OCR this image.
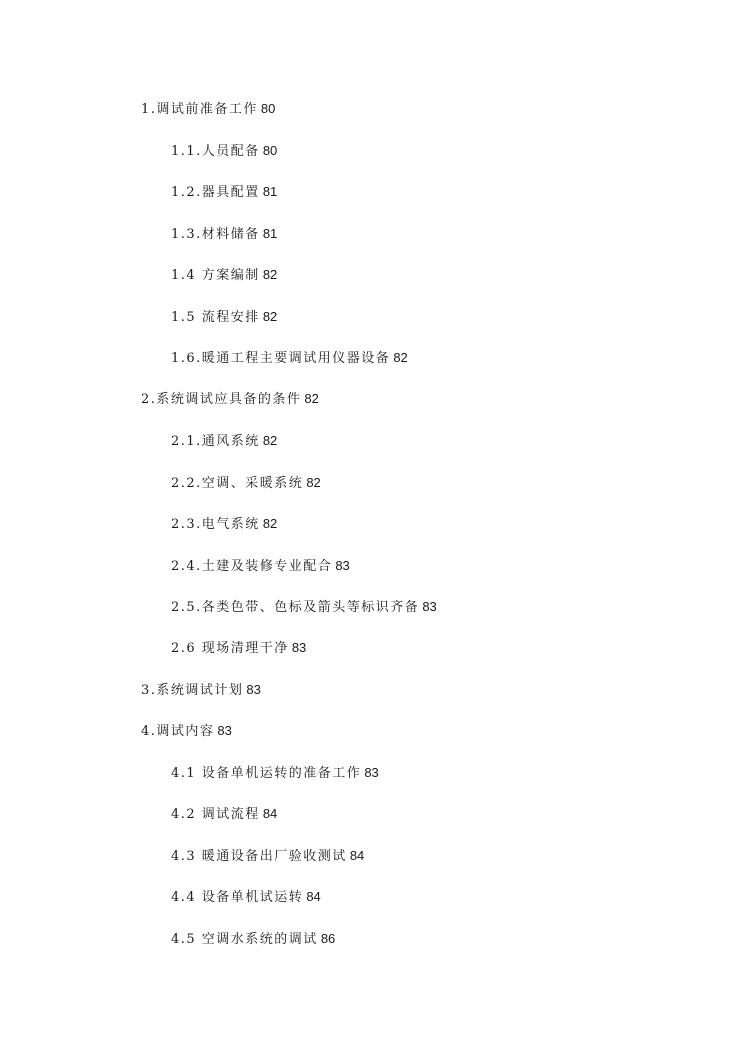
1.调试前准备工作 80
1.1.人员配备 80
1.2.器具配置 81
1.3.材料储备 81
1.4 方案编制 82
1.5 流程安排 82
1.6.暖通工程主要调试用仪器设备 82
2.系统调试应具备的条件 82
2.1.通风系统 82
2.2.空调、采暖系统 82
2.3.电气系统 82
2.4.土建及装修专业配合 83
2.5.各类色带、色标及箭头等标识齐备 83
2.6 现场清理干净 83
3.系统调试计划 83
4.调试内容 83
4.1 设备单机运转的准备工作 83
4.2 调试流程 84
4.3 暖通设备出厂验收测试 84
4.4 设备单机试运转 84
4.5 空调水系统的调试 86
